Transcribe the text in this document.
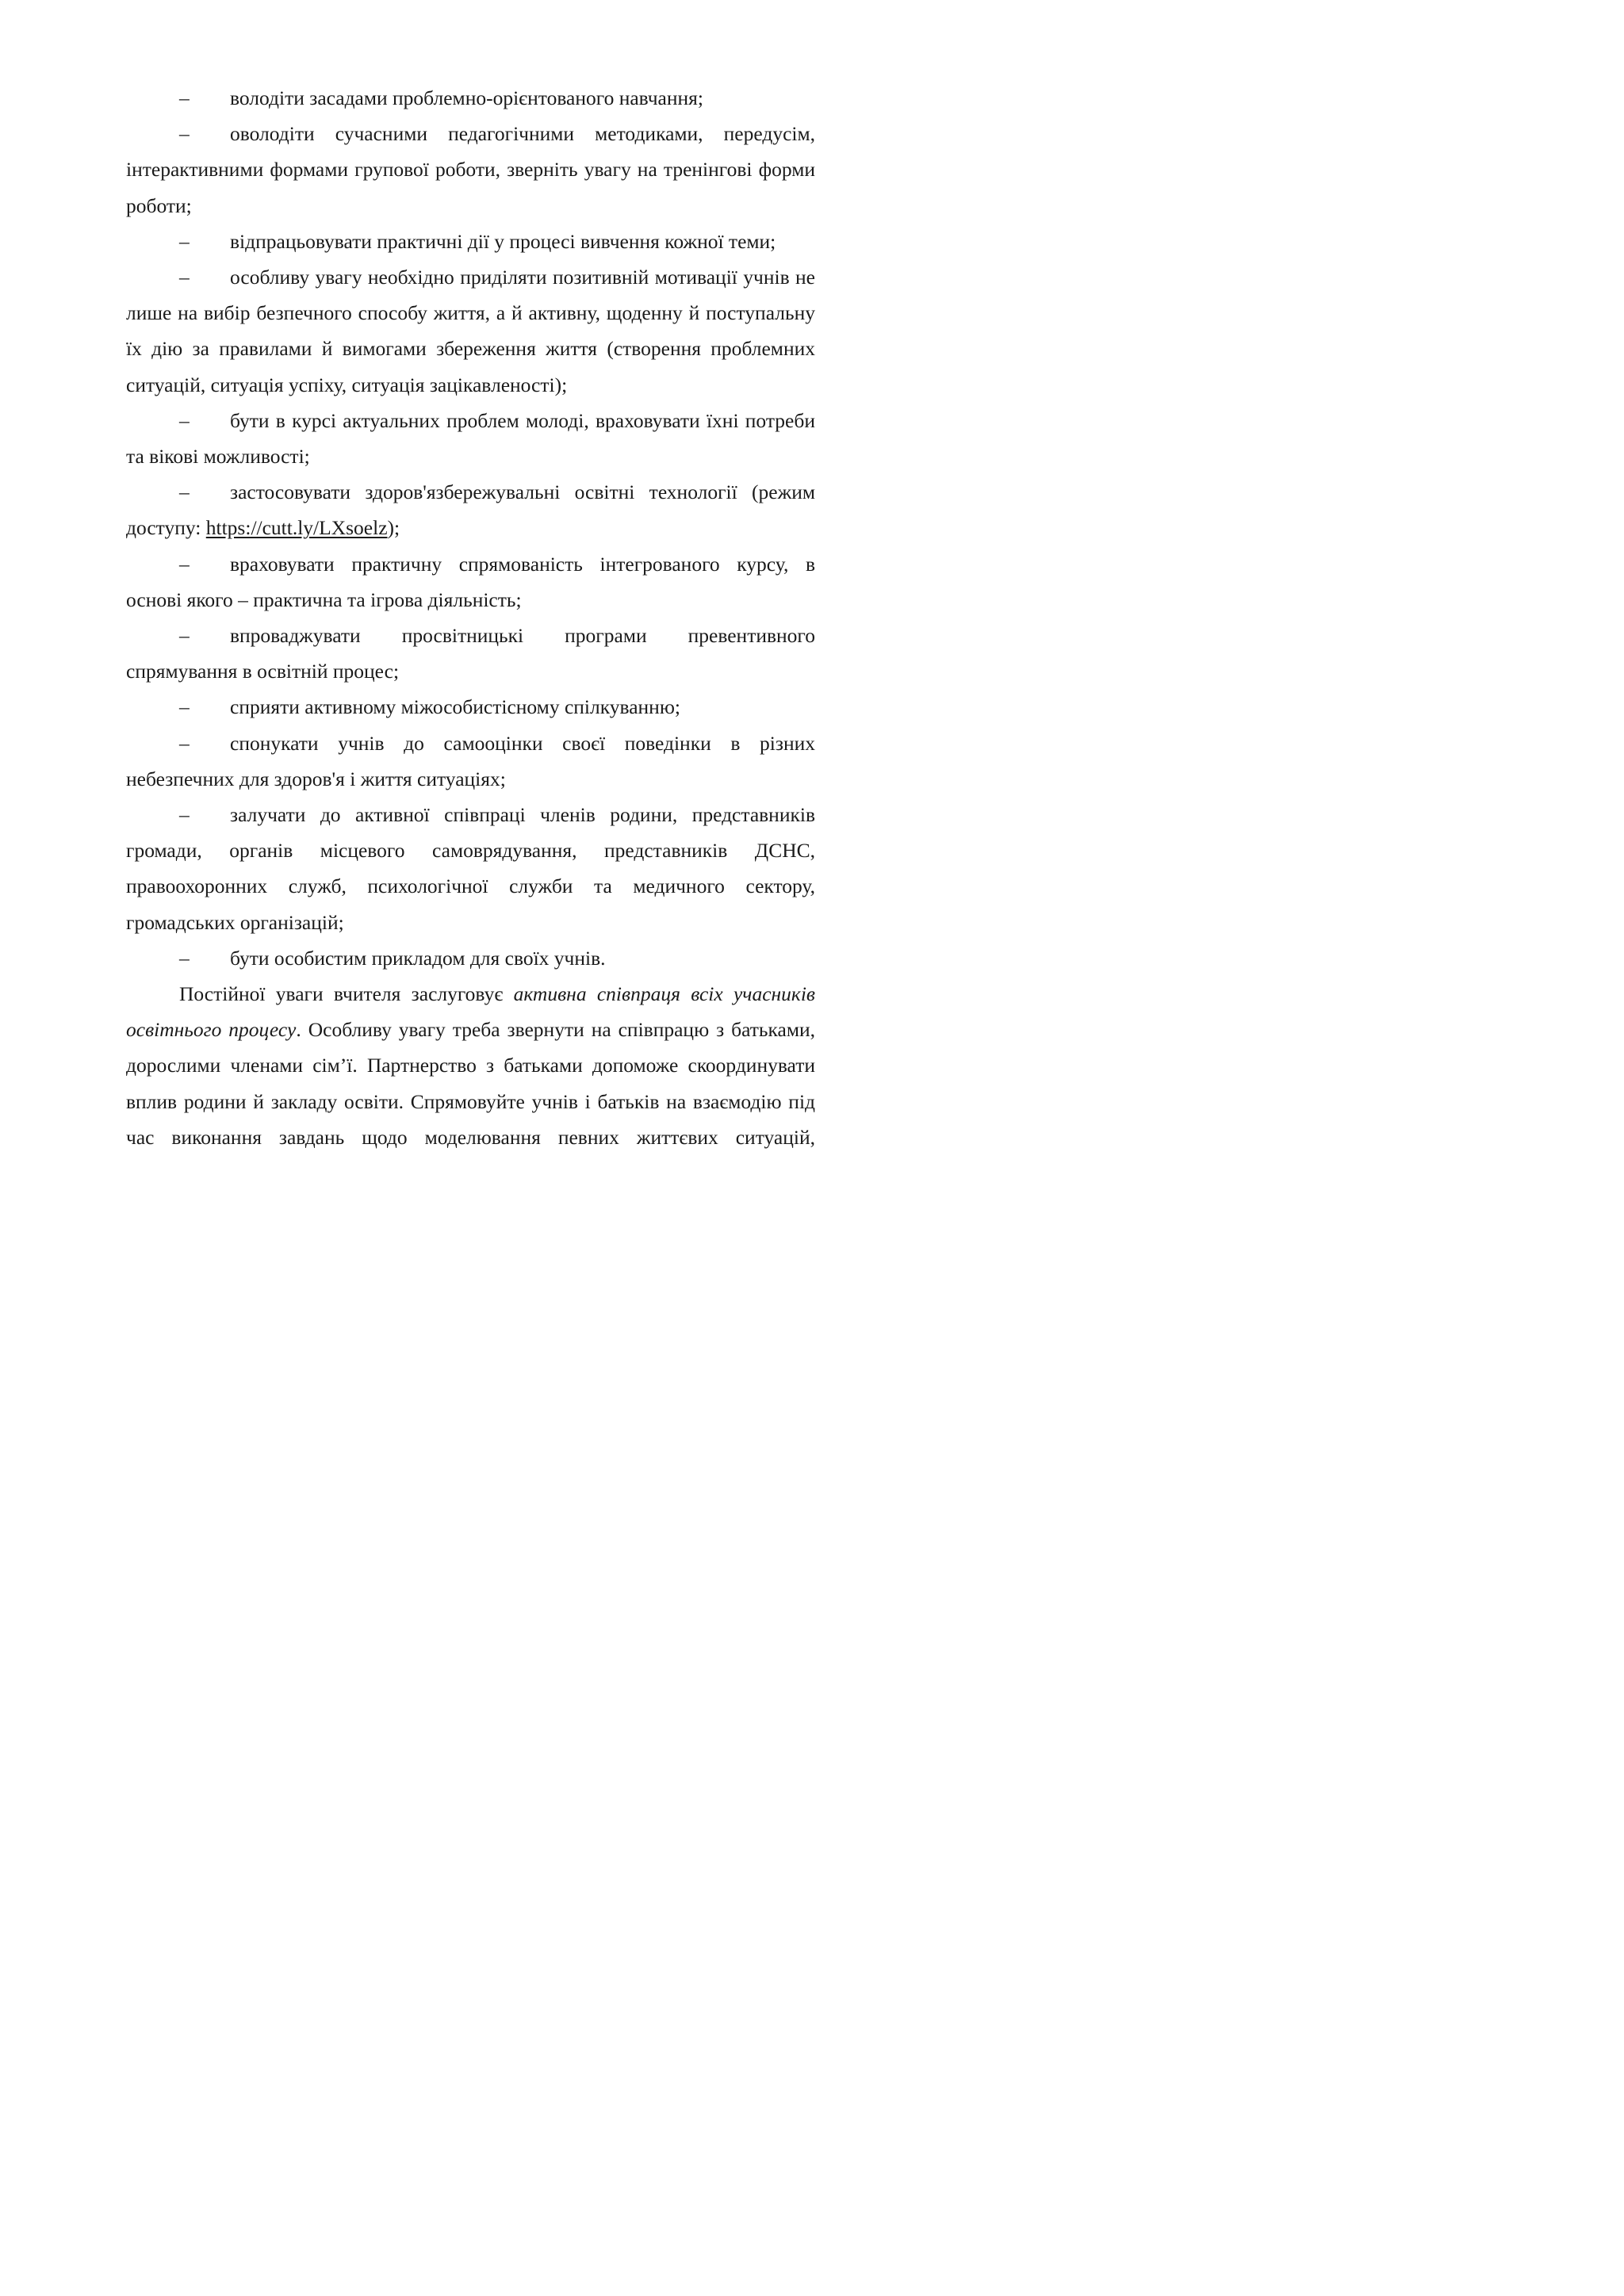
– володіти засадами проблемно-орієнтованого навчання;

– оволодіти сучасними педагогічними методиками, передусім, інтерактивними формами групової роботи, зверніть увагу на тренінгові форми роботи;

– відпрацьовувати практичні дії у процесі вивчення кожної теми;

– особливу увагу необхідно приділяти позитивній мотивації учнів не лише на вибір безпечного способу життя, а й активну, щоденну й поступальну їх дію за правилами й вимогами збереження життя (створення проблемних ситуацій, ситуація успіху, ситуація зацікавленості);

– бути в курсі актуальних проблем молоді, враховувати їхні потреби та вікові можливості;

– застосовувати здоров'язбережувальні освітні технології (режим доступу: https://cutt.ly/LXsoelz);

– враховувати практичну спрямованість інтегрованого курсу, в основі якого – практична та ігрова діяльність;

– впроваджувати просвітницькі програми превентивного спрямування в освітній процес;

– сприяти активному міжособистісному спілкуванню;

– спонукати учнів до самооцінки своєї поведінки в різних небезпечних для здоров'я і життя ситуаціях;

– залучати до активної співпраці членів родини, представників громади, органів місцевого самоврядування, представників ДСНС, правоохоронних служб, психологічної служби та медичного сектору, громадських організацій;

– бути особистим прикладом для своїх учнів.

Постійної уваги вчителя заслуговує активна співпраця всіх учасників освітнього процесу. Особливу увагу треба звернути на співпрацю з батьками, дорослими членами сім’ї. Партнерство з батьками допоможе скоординувати вплив родини й закладу освіти. Спрямовуйте учнів і батьків на взаємодію під час виконання завдань щодо моделювання певних життєвих ситуацій,
